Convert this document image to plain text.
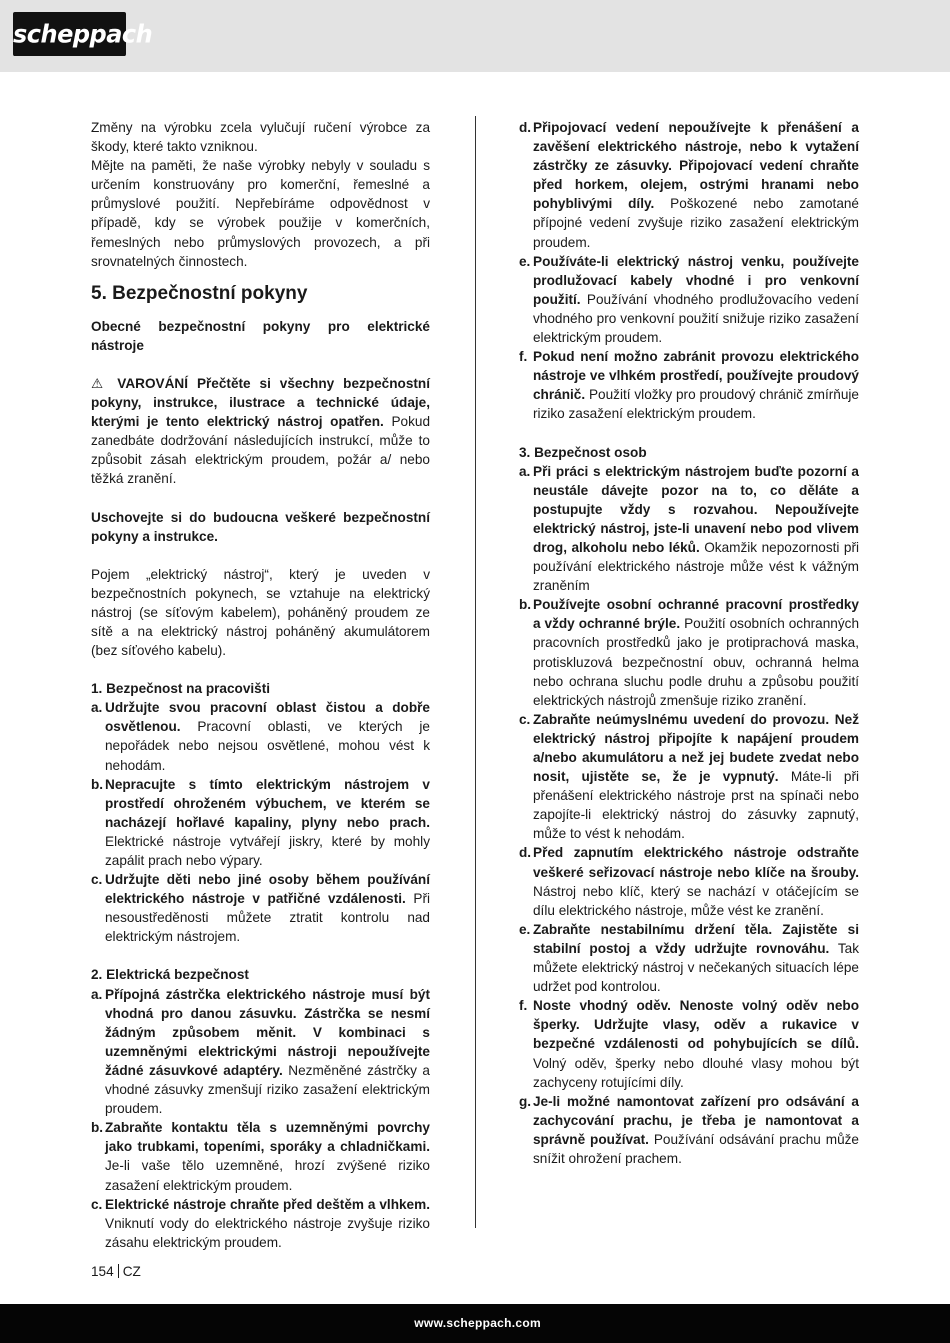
scheppach

Změny na výrobku zcela vylučují ručení výrobce za škody, které takto vzniknou.

Mějte na paměti, že naše výrobky nebyly v souladu s určením konstruovány pro komerční, řemeslné a průmyslové použití. Nepřebíráme odpovědnost v případě, kdy se výrobek použije v komerčních, řemeslných nebo průmyslových provozech, a při srovnatelných činnostech.

5. Bezpečnostní pokyny

Obecné bezpečnostní pokyny pro elektrické nástroje

⚠ VAROVÁNÍ Přečtěte si všechny bezpečnostní pokyny, instrukce, ilustrace a technické údaje, kterými je tento elektrický nástroj opatřen. Pokud zanedbáte dodržování následujících instrukcí, může to způsobit zásah elektrickým proudem, požár a/ nebo těžká zranění.

Uschovejte si do budoucna veškeré bezpečnostní pokyny a instrukce.

Pojem „elektrický nástroj“, který je uveden v bezpečnostních pokynech, se vztahuje na elektrický nástroj (se síťovým kabelem), poháněný proudem ze sítě a na elektrický nástroj poháněný akumulátorem (bez síťového kabelu).

1. Bezpečnost na pracovišti

a. Udržujte svou pracovní oblast čistou a dobře osvětlenou. Pracovní oblasti, ve kterých je nepořádek nebo nejsou osvětlené, mohou vést k nehodám.
b. Nepracujte s tímto elektrickým nástrojem v prostředí ohroženém výbuchem, ve kterém se nacházejí hořlavé kapaliny, plyny nebo prach. Elektrické nástroje vytvářejí jiskry, které by mohly zapálit prach nebo výpary.
c. Udržujte děti nebo jiné osoby během používání elektrického nástroje v patřičné vzdálenosti. Při nesoustředěnosti můžete ztratit kontrolu nad elektrickým nástrojem.

2. Elektrická bezpečnost

a. Přípojná zástrčka elektrického nástroje musí být vhodná pro danou zásuvku. Zástrčka se nesmí žádným způsobem měnit. V kombinaci s uzemněnými elektrickými nástroji nepoužívejte žádné zásuvkové adaptéry. Nezměněné zástrčky a vhodné zásuvky zmenšují riziko zasažení elektrickým proudem.
b. Zabraňte kontaktu těla s uzemněnými povrchy jako trubkami, topeními, sporáky a chladničkami. Je-li vaše tělo uzemněné, hrozí zvýšené riziko zasažení elektrickým proudem.
c. Elektrické nástroje chraňte před deštěm a vlhkem. Vniknutí vody do elektrického nástroje zvyšuje riziko zásahu elektrickým proudem.
d. Připojovací vedení nepoužívejte k přenášení a zavěšení elektrického nástroje, nebo k vytažení zástrčky ze zásuvky. Připojovací vedení chraňte před horkem, olejem, ostrými hranami nebo pohyblivými díly. Poškozené nebo zamotané přípojné vedení zvyšuje riziko zasažení elektrickým proudem.
e. Používáte-li elektrický nástroj venku, používejte prodlužovací kabely vhodné i pro venkovní použití. Používání vhodného prodlužovacího vedení vhodného pro venkovní použití snižuje riziko zasažení elektrickým proudem.
f. Pokud není možno zabránit provozu elektrického nástroje ve vlhkém prostředí, používejte proudový chránič. Použití vložky pro proudový chránič zmírňuje riziko zasažení elektrickým proudem.

3. Bezpečnost osob

a. Při práci s elektrickým nástrojem buďte pozorní a neustále dávejte pozor na to, co děláte a postupujte vždy s rozvahou. Nepoužívejte elektrický nástroj, jste-li unavení nebo pod vlivem drog, alkoholu nebo léků. Okamžik nepozornosti při používání elektrického nástroje může vést k vážným zraněním
b. Používejte osobní ochranné pracovní prostředky a vždy ochranné brýle. Použití osobních ochranných pracovních prostředků jako je protiprachová maska, protiskluzová bezpečnostní obuv, ochranná helma nebo ochrana sluchu podle druhu a způsobu použití elektrických nástrojů zmenšuje riziko zranění.
c. Zabraňte neúmyslnému uvedení do provozu. Než elektrický nástroj připojíte k napájení proudem a/nebo akumulátoru a než jej budete zvedat nebo nosit, ujistěte se, že je vypnutý. Máte-li při přenášení elektrického nástroje prst na spínači nebo zapojíte-li elektrický nástroj do zásuvky zapnutý, může to vést k nehodám.
d. Před zapnutím elektrického nástroje odstraňte veškeré seřizovací nástroje nebo klíče na šrouby. Nástroj nebo klíč, který se nachází v otáčejícím se dílu elektrického nástroje, může vést ke zranění.
e. Zabraňte nestabilnímu držení těla. Zajistěte si stabilní postoj a vždy udržujte rovnováhu. Tak můžete elektrický nástroj v nečekaných situacích lépe udržet pod kontrolou.
f. Noste vhodný oděv. Nenoste volný oděv nebo šperky. Udržujte vlasy, oděv a rukavice v bezpečné vzdálenosti od pohybujících se dílů. Volný oděv, šperky nebo dlouhé vlasy mohou být zachyceny rotujícími díly.
g. Je-li možné namontovat zařízení pro odsávání a zachycování prachu, je třeba je namontovat a správně používat. Používání odsávání prachu může snížit ohrožení prachem.
154 CZ
www.scheppach.com
